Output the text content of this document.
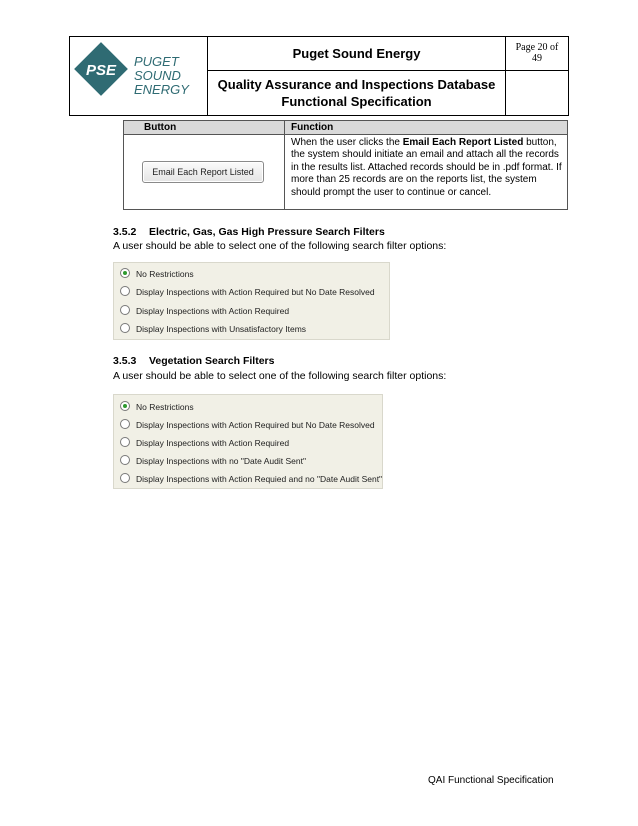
PSE
PUGET
SOUND
ENERGY
Puget Sound Energy	Page 20 of
49
Quality Assurance and Inspections Database
Functional Specification
Button	Function
Email Each Report Listed
When the user clicks the Email Each Report Listed button, the system should initiate an email and attach all the records in the results list. Attached records should be in .pdf format. If more than 25 records are on the reports list, the system should prompt the user to continue or cancel.
3.5.2 Electric, Gas, Gas High Pressure Search Filters
A user should be able to select one of the following search filter options:
No Restrictions
Display Inspections with Action Required but No Date Resolved
Display Inspections with Action Required
Display Inspections with Unsatisfactory Items
3.5.3 Vegetation Search Filters
A user should be able to select one of the following search filter options:
No Restrictions
Display Inspections with Action Required but No Date Resolved
Display Inspections with Action Required
Display Inspections with no "Date Audit Sent"
Display Inspections with Action Requied and no "Date Audit Sent"
QAI Functional Specification
